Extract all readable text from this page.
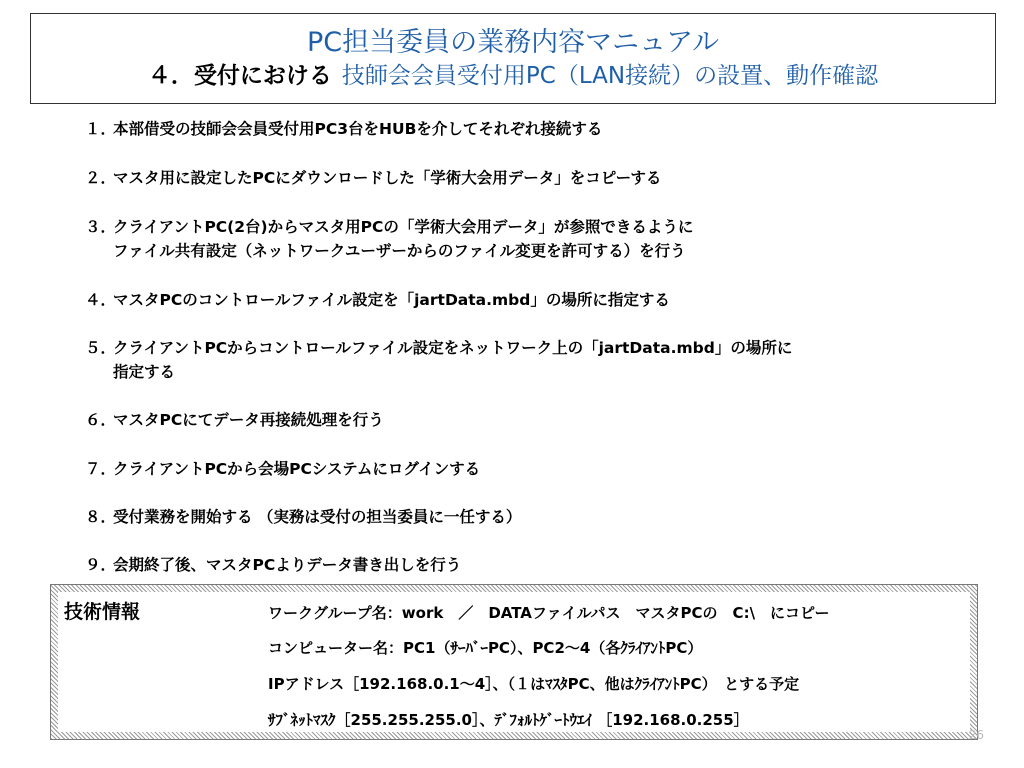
PC担当委員の業務内容マニュアル
４．受付における 技師会会員受付用PC（LAN接続）の設置、動作確認
１．
本部借受の技師会会員受付用PC3台をHUBを介してそれぞれ接続する
２．
マスタ用に設定したPCにダウンロードした「学術大会用データ」をコピーする
３．
クライアントPC(2台)からマスタ用PCの「学術大会用データ」が参照できるように
ファイル共有設定（ネットワークユーザーからのファイル変更を許可する）を行う
４．
マスタPCのコントロールファイル設定を「jartData.mbd」の場所に指定する
５．
クライアントPCからコントロールファイル設定をネットワーク上の「jartData.mbd」の場所に
指定する
６．
マスタPCにてデータ再接続処理を行う
７．
クライアントPCから会場PCシステムにログインする
８．
受付業務を開始する （実務は受付の担当委員に一任する）
９．
会期終了後、マスタPCよりデータ書き出しを行う
技術情報	ワークグループ名：work　／　DATAファイルパス　マスタPCの　C:\　にコピー
コンピューター名：PC1（ｻｰﾊﾞｰPC）、PC2～4（各ｸﾗｲｱﾝﾄPC）
IPアドレス［192.168.0.1～4］、（１はﾏｽﾀPC、他はｸﾗｲｱﾝﾄPC）　とする予定
ｻﾌﾞﾈｯﾄﾏｽｸ［255.255.255.0］、ﾃﾞﾌｫﾙﾄｹﾞｰﾄｳｴｲ ［192.168.0.255］
26
